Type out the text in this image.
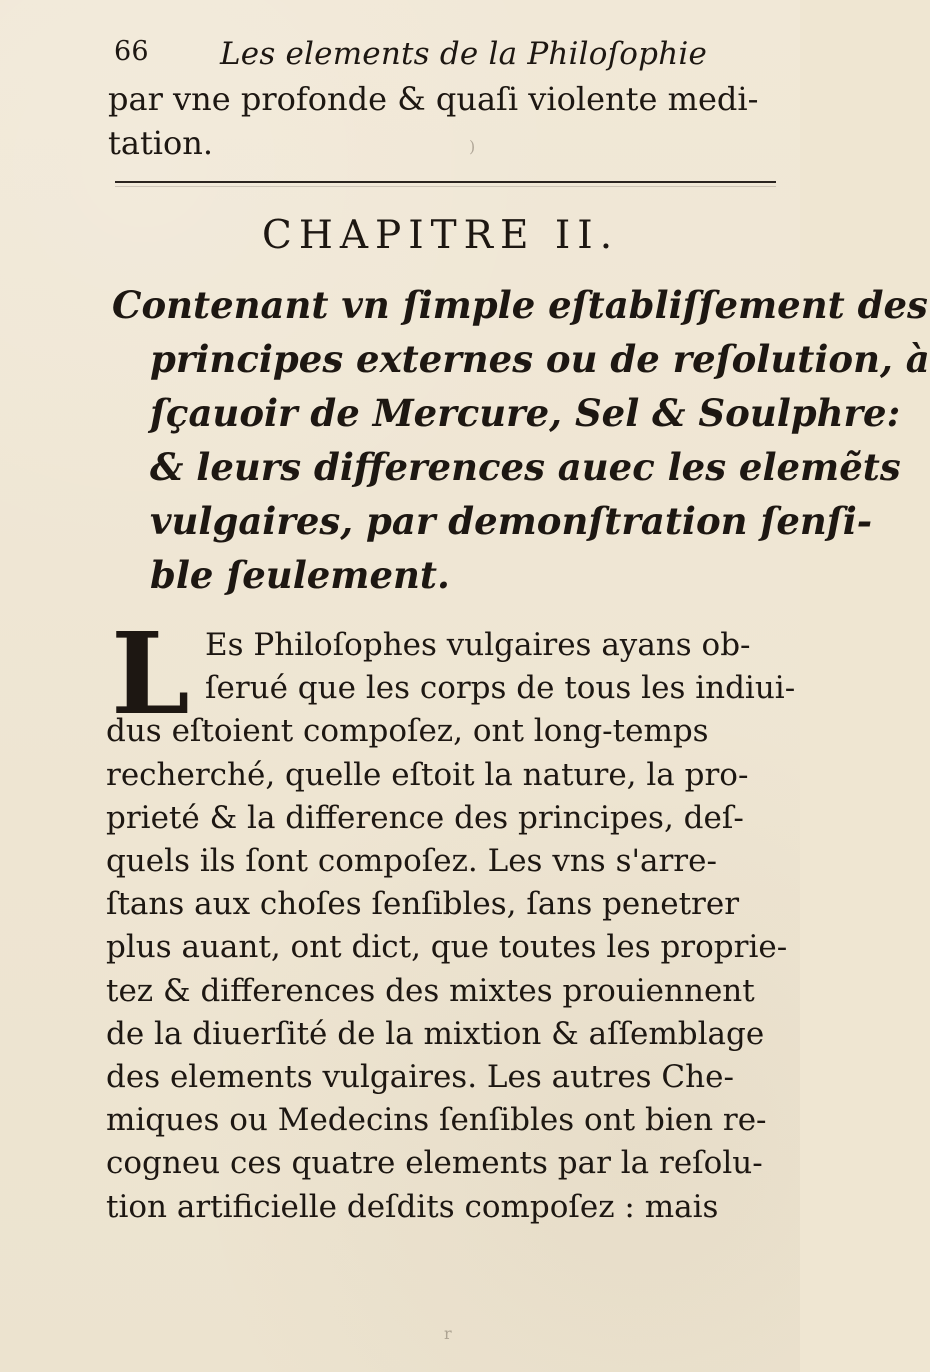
66 Les elements de la Philoſophie
par vne profonde & quaſi violente medi-
tation.
CHAPITRE II.
Contenant vn ſimple eſtabliſſement des
principes externes ou de reſolution, à
ſçauoir de Mercure, Sel & Soulphre:
& leurs differences auec les elemẽts
vulgaires, par demonſtration ſenſi-
ble ſeulement.
L Es Philoſophes vulgaires ayans ob-
ſerué que les corps de tous les indiui-
dus eſtoient compoſez, ont long-temps
recherché, quelle eſtoit la nature, la pro-
prieté & la difference des principes, deſ-
quels ils ſont compoſez. Les vns s'arre-
ſtans aux choſes ſenſibles, ſans penetrer
plus auant, ont dict, que toutes les proprie-
tez & differences des mixtes prouiennent
de la diuerſité de la mixtion & aſſemblage
des elements vulgaires. Les autres Che-
miques ou Medecins ſenſibles ont bien re-
cogneu ces quatre elements par la reſolu-
tion artificielle deſdits compoſez : mais
)
r
